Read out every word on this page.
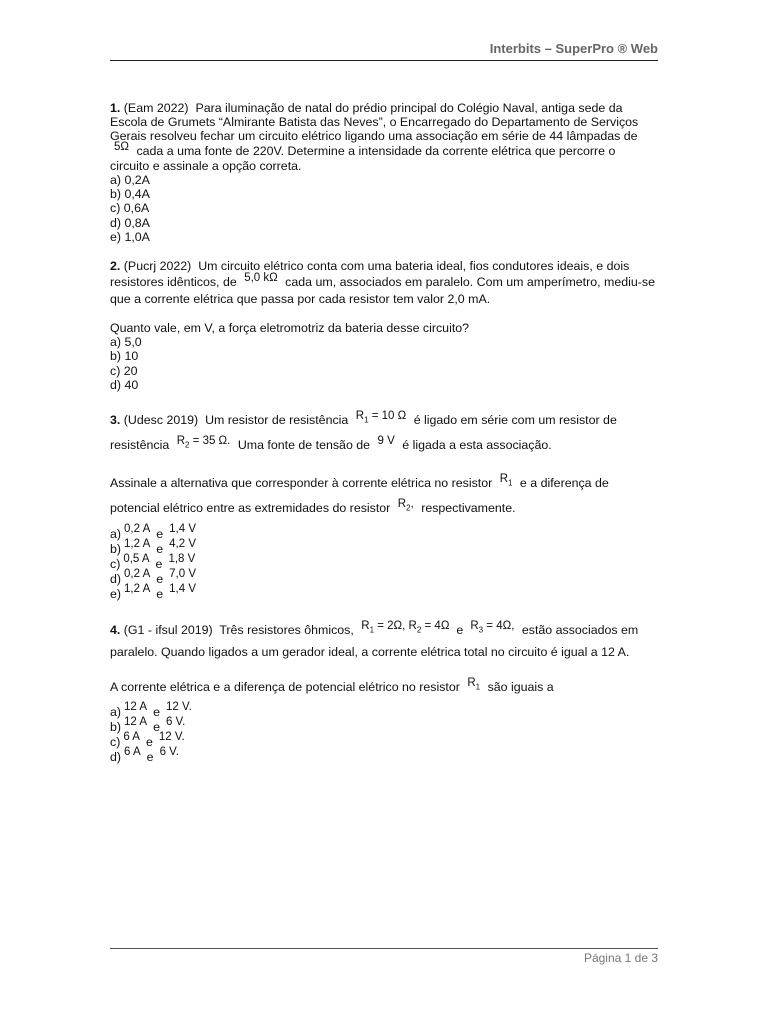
Interbits – SuperPro ® Web

1. (Eam 2022) Para iluminação de natal do prédio principal do Colégio Naval, antiga sede da Escola de Grumets “Almirante Batista das Neves”, o Encarregado do Departamento de Serviços Gerais resolveu fechar um circuito elétrico ligando uma associação em série de 44 lâmpadas de 5Ω cada a uma fonte de 220V. Determine a intensidade da corrente elétrica que percorre o circuito e assinale a opção correta.

a) 0,2A

b) 0,4A

c) 0,6A

d) 0,8A

e) 1,0A

2. (Pucrj 2022) Um circuito elétrico conta com uma bateria ideal, fios condutores ideais, e dois resistores idênticos, de 5,0 kΩ cada um, associados em paralelo. Com um amperímetro, mediu-se que a corrente elétrica que passa por cada resistor tem valor 2,0 mA.

Quanto vale, em V, a força eletromotriz da bateria desse circuito?

a) 5,0

b) 10

c) 20

d) 40

3. (Udesc 2019) Um resistor de resistência $R_1 = 10$ Ω é ligado em série com um resistor de resistência $R_2 = 35$ Ω. Uma fonte de tensão de 9 V é ligada a esta associação.

Assinale a alternativa que corresponder à corrente elétrica no resistor $R_1$ e a diferença de potencial elétrico entre as extremidades do resistor $R_2$, respectivamente.

a) 0,2 A e 1,4 V

b) 1,2 A e 4,2 V

c) 0,5 A e 1,8 V

d) 0,2 A e 7,0 V

e) 1,2 A e 1,4 V

4. (G1 - ifsul 2019) Três resistores ôhmicos, $R_1 = 2\Omega$, $R_2 = 4\Omega$ e $R_3 = 4\Omega$, estão associados em paralelo. Quando ligados a um gerador ideal, a corrente elétrica total no circuito é igual a 12 A.

A corrente elétrica e a diferença de potencial elétrico no resistor $R_1$ são iguais a

a) 12 A e 12 V.

b) 12 A e 6 V.

c) 6 A e 12 V.

d) 6 A e 6 V.

Página 1 de 3
